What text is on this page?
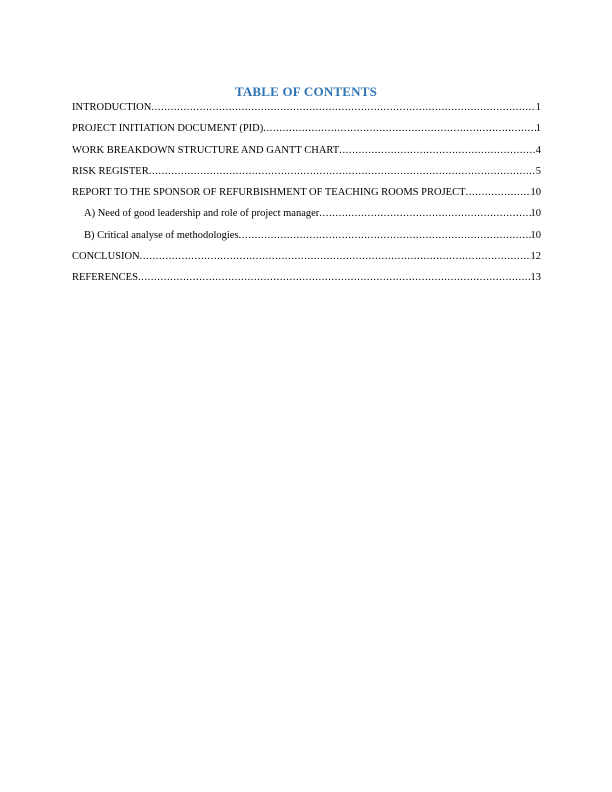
TABLE OF CONTENTS
INTRODUCTION .....	1
PROJECT INITIATION DOCUMENT (PID) .....	1
WORK BREAKDOWN STRUCTURE AND GANTT CHART .....	4
RISK REGISTER .....	5
REPORT TO THE SPONSOR OF REFURBISHMENT OF TEACHING ROOMS PROJECT .....	10
A) Need of good leadership and role of project manager .....	10
B) Critical analyse of methodologies .....	10
CONCLUSION .....	12
REFERENCES .....	13
